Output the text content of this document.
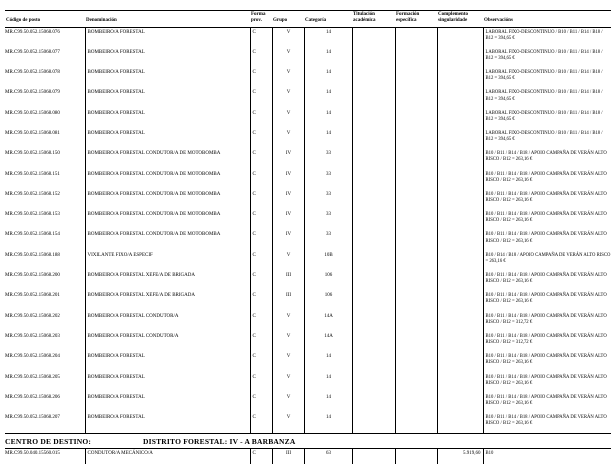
Código de posto	Denominación	Forma prov.	Grupo	Categoría	Titulación académica	Formación específica	Complemento singularidade	Observacións
MR.C99.50.052.15068.076	BOMBEIRO/A FORESTAL	C	V	14				LABORAL FIXO-DESCONTINUO / B10 / B11 / B14 / B18 / B12 = 394,65 €
MR.C99.50.052.15068.077	BOMBEIRO/A FORESTAL	C	V	14				LABORAL FIXO-DESCONTINUO / B10 / B11 / B14 / B18 / B12 = 394,65 €
MR.C99.50.052.15068.078	BOMBEIRO/A FORESTAL	C	V	14				LABORAL FIXO-DESCONTINUO / B10 / B11 / B14 / B18 / B12 = 394,65 €
MR.C99.50.052.15068.079	BOMBEIRO/A FORESTAL	C	V	14				LABORAL FIXO-DESCONTINUO / B10 / B11 / B14 / B18 / B12 = 394,65 €
MR.C99.50.052.15068.080	BOMBEIRO/A FORESTAL	C	V	14				LABORAL FIXO-DESCONTINUO / B10 / B11 / B14 / B18 / B12 = 394,65 €
MR.C99.50.052.15068.081	BOMBEIRO/A FORESTAL	C	V	14				LABORAL FIXO-DESCONTINUO / B10 / B11 / B14 / B18 / B12 = 394,65 €
MR.C99.50.052.15068.150	BOMBEIRO/A FORESTAL CONDUTOR/A DE MOTOBOMBA	C	IV	33				B10 / B11 / B14 / B18 / APOIO CAMPAÑA DE VERÁN ALTO RISCO / B12 = 263,16 €
MR.C99.50.052.15068.151	BOMBEIRO/A FORESTAL CONDUTOR/A DE MOTOBOMBA	C	IV	33				B10 / B11 / B14 / B18 / APOIO CAMPAÑA DE VERÁN ALTO RISCO / B12 = 263,16 €
MR.C99.50.052.15068.152	BOMBEIRO/A FORESTAL CONDUTOR/A DE MOTOBOMBA	C	IV	33				B10 / B11 / B14 / B18 / APOIO CAMPAÑA DE VERÁN ALTO RISCO / B12 = 263,16 €
MR.C99.50.052.15068.153	BOMBEIRO/A FORESTAL CONDUTOR/A DE MOTOBOMBA	C	IV	33				B10 / B11 / B14 / B18 / APOIO CAMPAÑA DE VERÁN ALTO RISCO / B12 = 263,16 €
MR.C99.50.052.15068.154	BOMBEIRO/A FORESTAL CONDUTOR/A DE MOTOBOMBA	C	IV	33				B10 / B11 / B14 / B18 / APOIO CAMPAÑA DE VERÁN ALTO RISCO / B12 = 263,16 €
MR.C99.50.052.15068.188	VIXILANTE FIXO/A ESPECIF	C	V	10B				B10 / B14 / B18 / APOIO CAMPAÑA DE VERÁN ALTO RISCO = 263,16 €
MR.C99.50.052.15068.200	BOMBEIRO/A FORESTAL XEFE/A DE BRIGADA	C	III	106				B10 / B11 / B14 / B18 / APOIO CAMPAÑA DE VERÁN ALTO RISCO / B12 = 263,16 €
MR.C99.50.052.15068.201	BOMBEIRO/A FORESTAL XEFE/A DE BRIGADA	C	III	106				B10 / B11 / B14 / B18 / APOIO CAMPAÑA DE VERÁN ALTO RISCO / B12 = 263,16 €
MR.C99.50.052.15068.202	BOMBEIRO/A FORESTAL CONDUTOR/A	C	V	14A				B10 / B11 / B14 / B18 / APOIO CAMPAÑA DE VERÁN ALTO RISCO / B12 = 312,72 €
MR.C99.50.052.15068.203	BOMBEIRO/A FORESTAL CONDUTOR/A	C	V	14A				B10 / B11 / B14 / B18 / APOIO CAMPAÑA DE VERÁN ALTO RISCO / B12 = 312,72 €
MR.C99.50.052.15068.204	BOMBEIRO/A FORESTAL	C	V	14				B10 / B11 / B14 / B18 / APOIO CAMPAÑA DE VERÁN ALTO RISCO / B12 = 263,16 €
MR.C99.50.052.15068.205	BOMBEIRO/A FORESTAL	C	V	14				B10 / B11 / B14 / B18 / APOIO CAMPAÑA DE VERÁN ALTO RISCO / B12 = 263,16 €
MR.C99.50.052.15068.206	BOMBEIRO/A FORESTAL	C	V	14				B10 / B11 / B14 / B18 / APOIO CAMPAÑA DE VERÁN ALTO RISCO / B12 = 263,16 €
MR.C99.50.052.15068.207	BOMBEIRO/A FORESTAL	C	V	14				B10 / B11 / B14 / B18 / APOIO CAMPAÑA DE VERÁN ALTO RISCO / B12 = 263,16 €
CENTRO DE DESTINO:	DISTRITO FORESTAL: IV - A BARBANZA
MR.C99.50.040.15560.015	CONDUTOR/A MECÁNICO/A	C	III	63			5.919,60	B10
